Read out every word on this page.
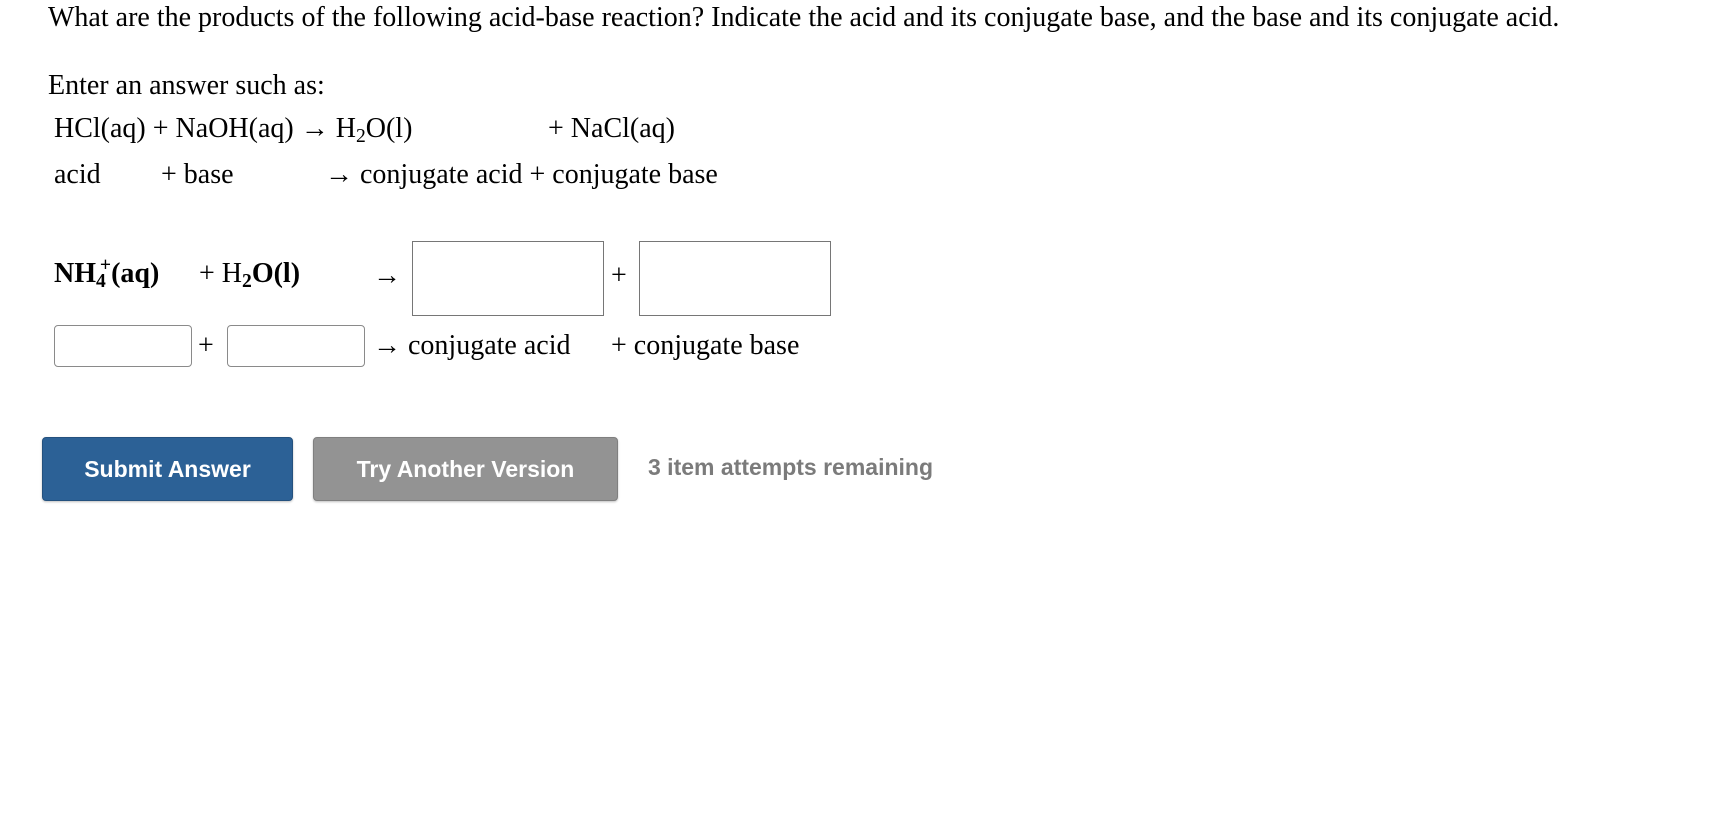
What are the products of the following acid-base reaction? Indicate the acid and its conjugate base, and the base and its conjugate acid.
Enter an answer such as:
HCl(aq) + NaOH(aq) → $H_2O(l)$	+ NaCl(aq)
acid + base	→ conjugate acid + conjugate base
$NH_4^+(aq) + H_2O(l)$	→	+
+	→ conjugate acid + conjugate base
Submit Answer	Try Another Version	3 item attempts remaining
